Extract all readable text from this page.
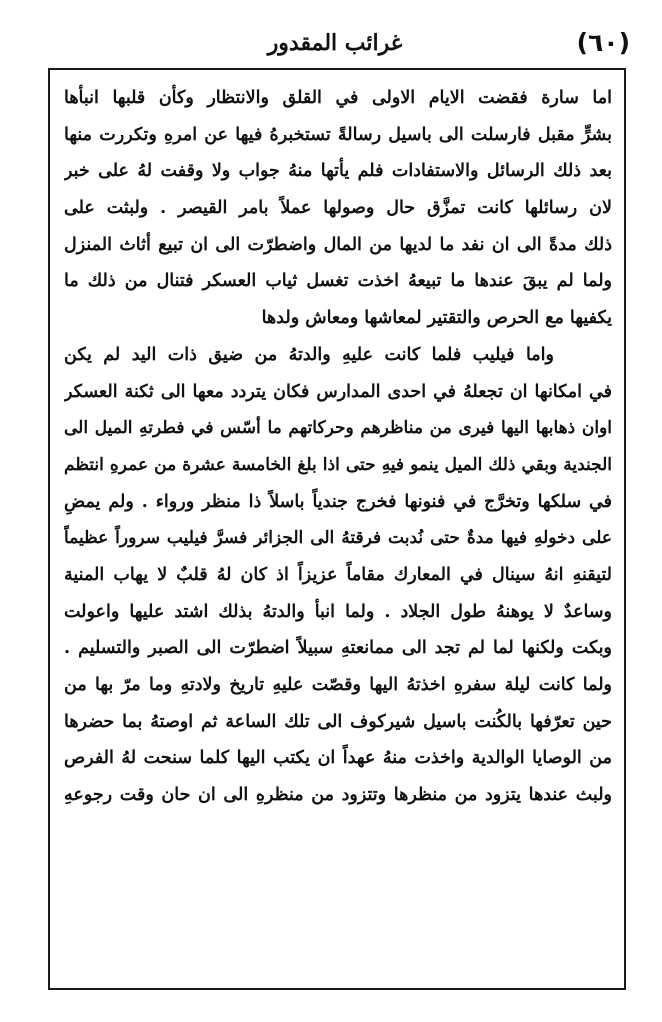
(٦٠)
غرائب المقدور
اما سارة فقضت الايام الاولى في القلق والانتظار وكأن قلبها انبأها
بشرٍّ مقبل فارسلت الى باسيل رسالةً تستخبرهُ فيها عن امرهِ وتكررت منها
بعد ذلك الرسائل والاستفادات فلم يأتها منهُ جواب ولا وقفت لهُ على خبر
لان رسائلها كانت تمزَّق حال وصولها عملاً بامر القيصر . ولبثت على
ذلك مدةً الى ان نفد ما لديها من المال واضطرّت الى ان تبيع أثاث المنزل
ولما لم يبقَ عندها ما تبيعهُ اخذت تغسل ثياب العسكر فتنال من ذلك ما
يكفيها مع الحرص والتقتير لمعاشها ومعاش ولدها
واما فيليب فلما كانت عليهِ والدتهُ من ضيق ذات اليد لم يكن
في امكانها ان تجعلهُ في احدى المدارس فكان يتردد معها الى ثكنة العسكر
اوان ذهابها اليها فيرى من مناظرهم وحركاتهم ما أسّس في فطرتهِ الميل الى
الجندية وبقي ذلك الميل ينمو فيهِ حتى اذا بلغ الخامسة عشرة من عمرهِ انتظم
في سلكها وتخرَّج في فنونها فخرج جندياً باسلاً ذا منظر ورواء . ولم يمضِ
على دخولهِ فيها مدةٌ حتى نُدبت فرقتهُ الى الجزائر فسرَّ فيليب سروراً عظيماً
لتيقنهِ انهُ سينال في المعارك مقاماً عزيزاً اذ كان لهُ قلبٌ لا يهاب المنية
وساعدٌ لا يوهنهُ طول الجلاد . ولما انبأ والدتهُ بذلك اشتد عليها واعولت
وبكت ولكنها لما لم تجد الى ممانعتهِ سبيلاً اضطرّت الى الصبر والتسليم .
ولما كانت ليلة سفرهِ اخذتهُ اليها وقصّت عليهِ تاريخ ولادتهِ وما مرّ بها من
حين تعرّفها بالكُنت باسيل شيركوف الى تلك الساعة ثم اوصتهُ بما حضرها
من الوصايا الوالدية واخذت منهُ عهداً ان يكتب اليها كلما سنحت لهُ الفرص
ولبث عندها يتزود من منظرها وتتزود من منظرهِ الى ان حان وقت رجوعهِ
